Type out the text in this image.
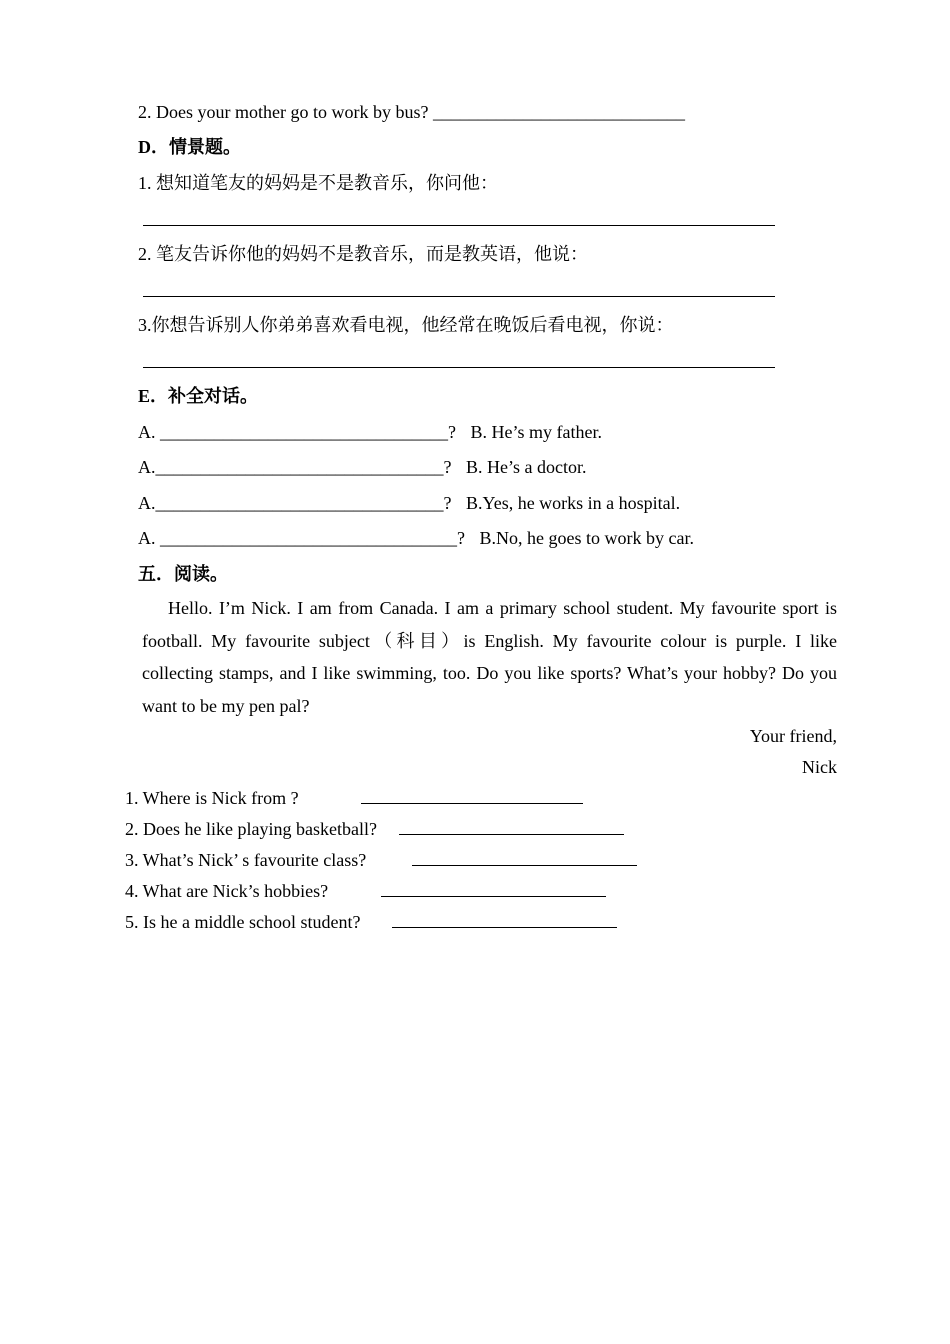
2. Does your mother go to work by bus? ____________________________
D．情景题。
1. 想知道笔友的妈妈是不是教音乐，你问他：
2. 笔友告诉你他的妈妈不是教音乐，而是教英语，他说：
3.你想告诉别人你弟弟喜欢看电视，他经常在晚饭后看电视，你说：
E．补全对话。
A. ________________________________? B. He’s my father.
A.________________________________? B. He’s a doctor.
A.________________________________? B.Yes, he works in a hospital.
A. _________________________________? B.No, he goes to work by car.
五．阅读。
Hello. I’m Nick. I am from Canada. I am a primary school student. My favourite sport is football. My favourite subject（科目）is English. My favourite colour is purple. I like collecting stamps, and I like swimming, too. Do you like sports? What’s your hobby? Do you want to be my pen pal?
Your friend,
Nick
1. Where is Nick from ?
2. Does he like playing basketball?
3. What’s Nick’ s favourite class?
4. What are Nick’s hobbies?
5. Is he a middle school student?
